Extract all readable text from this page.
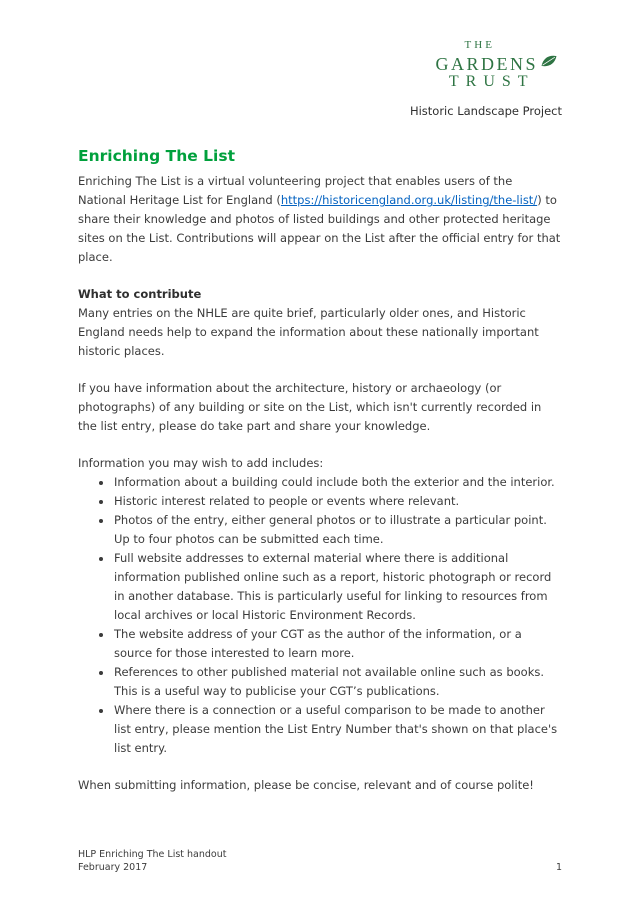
THE
GARDENS
TRUST
Historic Landscape Project
Enriching The List

Enriching The List is a virtual volunteering project that enables users of the National Heritage List for England (https://historicengland.org.uk/listing/the-list/) to share their knowledge and photos of listed buildings and other protected heritage sites on the List. Contributions will appear on the List after the official entry for that place.

What to contribute

Many entries on the NHLE are quite brief, particularly older ones, and Historic England needs help to expand the information about these nationally important historic places.

If you have information about the architecture, history or archaeology (or photographs) of any building or site on the List, which isn't currently recorded in the list entry, please do take part and share your knowledge.

Information you may wish to add includes:

• Information about a building could include both the exterior and the interior.
• Historic interest related to people or events where relevant.
• Photos of the entry, either general photos or to illustrate a particular point. Up to four photos can be submitted each time.
• Full website addresses to external material where there is additional information published online such as a report, historic photograph or record in another database. This is particularly useful for linking to resources from local archives or local Historic Environment Records.
• The website address of your CGT as the author of the information, or a source for those interested to learn more.
• References to other published material not available online such as books. This is a useful way to publicise your CGT’s publications.
• Where there is a connection or a useful comparison to be made to another list entry, please mention the List Entry Number that's shown on that place's list entry.

When submitting information, please be concise, relevant and of course polite!

HLP Enriching The List handout
February 2017	1
